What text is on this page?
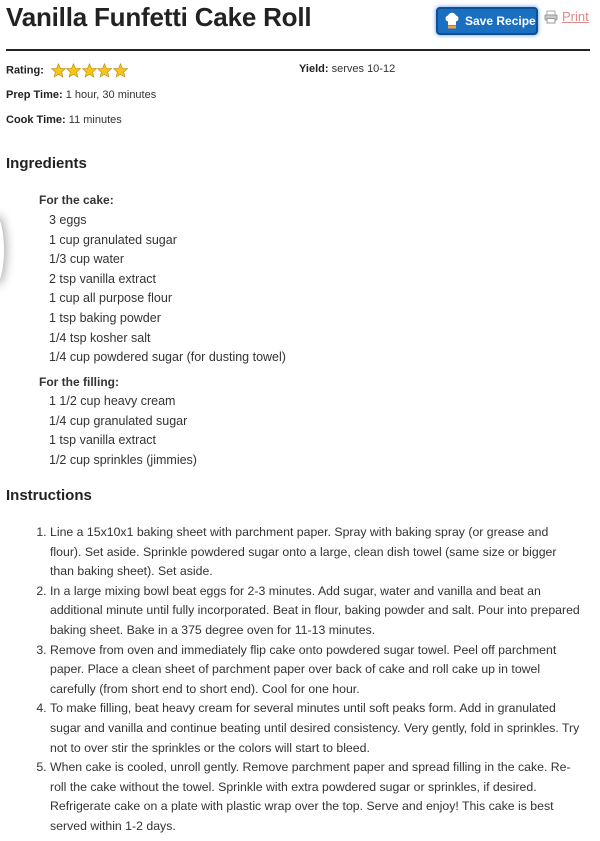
Vanilla Funfetti Cake Roll	Save Recipe Print
Rating:	Yield: serves 10-12
Prep Time: 1 hour, 30 minutes
Cook Time: 11 minutes
Ingredients
For the cake:
3 eggs
1 cup granulated sugar
1/3 cup water
2 tsp vanilla extract
1 cup all purpose flour
1 tsp baking powder
1/4 tsp kosher salt
1/4 cup powdered sugar (for dusting towel)
For the filling:
1 1/2 cup heavy cream
1/4 cup granulated sugar
1 tsp vanilla extract
1/2 cup sprinkles (jimmies)
Instructions
1. Line a 15x10x1 baking sheet with parchment paper. Spray with baking spray (or grease and flour). Set aside. Sprinkle powdered sugar onto a large, clean dish towel (same size or bigger than baking sheet). Set aside.
2. In a large mixing bowl beat eggs for 2-3 minutes. Add sugar, water and vanilla and beat an additional minute until fully incorporated. Beat in flour, baking powder and salt. Pour into prepared baking sheet. Bake in a 375 degree oven for 11-13 minutes.
3. Remove from oven and immediately flip cake onto powdered sugar towel. Peel off parchment paper. Place a clean sheet of parchment paper over back of cake and roll cake up in towel carefully (from short end to short end). Cool for one hour.
4. To make filling, beat heavy cream for several minutes until soft peaks form. Add in granulated sugar and vanilla and continue beating until desired consistency. Very gently, fold in sprinkles. Try not to over stir the sprinkles or the colors will start to bleed.
5. When cake is cooled, unroll gently. Remove parchment paper and spread filling in the cake. Re-roll the cake without the towel. Sprinkle with extra powdered sugar or sprinkles, if desired. Refrigerate cake on a plate with plastic wrap over the top. Serve and enjoy! This cake is best served within 1-2 days.
